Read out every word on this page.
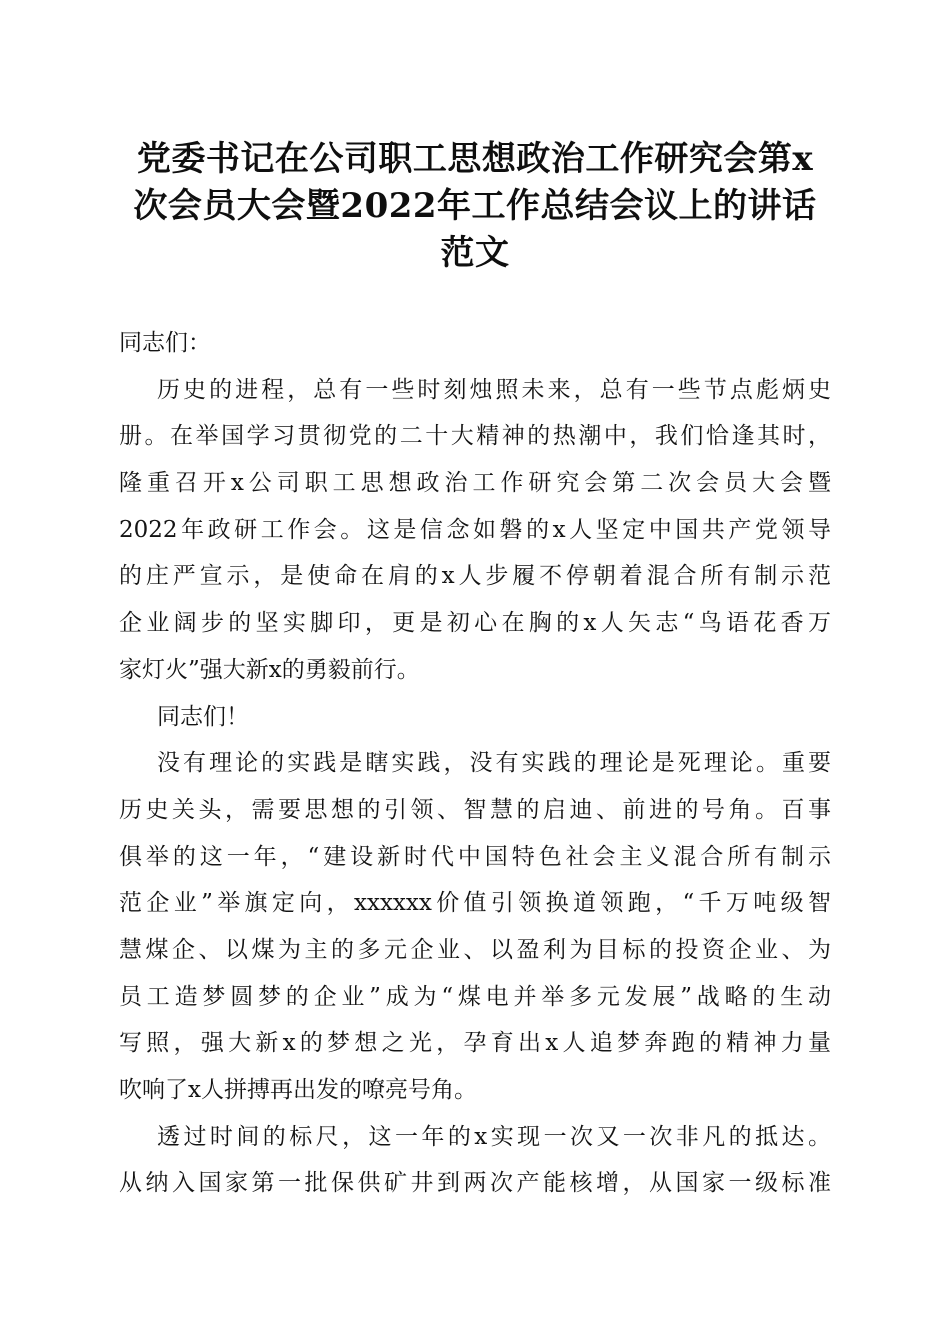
党委书记在公司职工思想政治工作研究会第x
次会员大会暨2022年工作总结会议上的讲话
范文
同志们：
历史的进程，总有一些时刻烛照未来，总有一些节点彪炳史
册。在举国学习贯彻党的二十大精神的热潮中，我们恰逢其时，
隆重召开x公司职工思想政治工作研究会第二次会员大会暨
2022年政研工作会。这是信念如磐的x人坚定中国共产党领导
的庄严宣示，是使命在肩的x人步履不停朝着混合所有制示范
企业阔步的坚实脚印，更是初心在胸的x人矢志“鸟语花香万
家灯火”强大新x的勇毅前行。
同志们！
没有理论的实践是瞎实践，没有实践的理论是死理论。重要
历史关头，需要思想的引领、智慧的启迪、前进的号角。百事
俱举的这一年，“建设新时代中国特色社会主义混合所有制示
范企业”举旗定向，xxxxxx价值引领换道领跑，“千万吨级智
慧煤企、以煤为主的多元企业、以盈利为目标的投资企业、为
员工造梦圆梦的企业”成为“煤电并举多元发展”战略的生动
写照，强大新x的梦想之光，孕育出x人追梦奔跑的精神力量
吹响了x人拼搏再出发的嘹亮号角。
透过时间的标尺，这一年的x实现一次又一次非凡的抵达。
从纳入国家第一批保供矿井到两次产能核增，从国家一级标准
